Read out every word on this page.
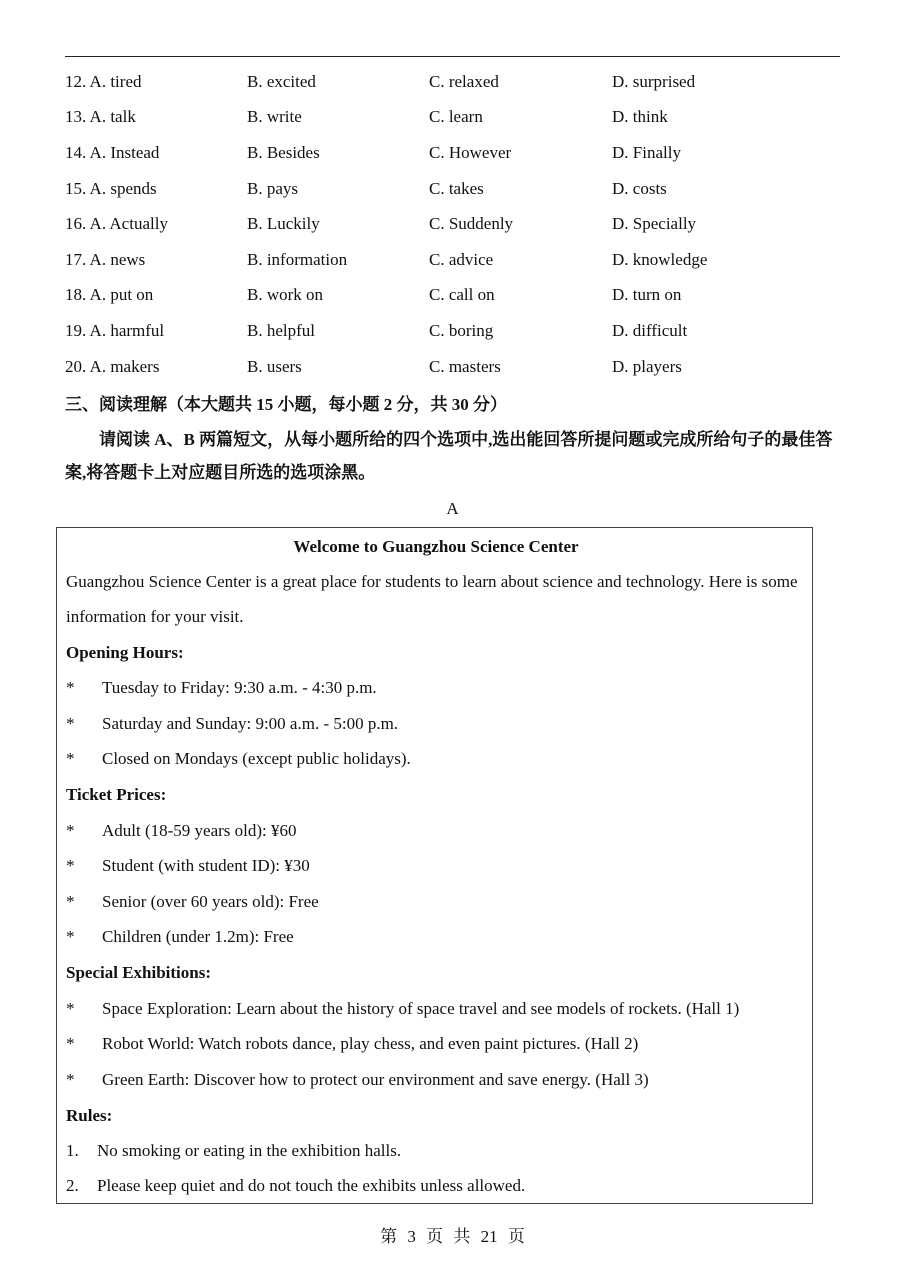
12. A. tired	B. excited	C. relaxed	D. surprised
13. A. talk	B. write	C. learn	D. think
14. A. Instead	B. Besides	C. However	D. Finally
15. A. spends	B. pays	C. takes	D. costs
16. A. Actually	B. Luckily	C. Suddenly	D. Specially
17. A. news	B. information	C. advice	D. knowledge
18. A. put on	B. work on	C. call on	D. turn on
19. A. harmful	B. helpful	C. boring	D. difficult
20. A. makers	B. users	C. masters	D. players
三、阅读理解（本大题共 15 小题，每小题 2 分，共 30 分）
请阅读 A、B 两篇短文，从每小题所给的四个选项中,选出能回答所提问题或完成所给句子的最佳答案,将答题卡上对应题目所选的选项涂黑。
A
Welcome to Guangzhou Science Center
Guangzhou Science Center is a great place for students to learn about science and technology. Here is some information for your visit.
Opening Hours:
*	Tuesday to Friday: 9:30 a.m. - 4:30 p.m.
*	Saturday and Sunday: 9:00 a.m. - 5:00 p.m.
*	Closed on Mondays (except public holidays).
Ticket Prices:
*	Adult (18-59 years old): ¥60
*	Student (with student ID): ¥30
*	Senior (over 60 years old): Free
*	Children (under 1.2m): Free
Special Exhibitions:
*	Space Exploration: Learn about the history of space travel and see models of rockets. (Hall 1)
*	Robot World: Watch robots dance, play chess, and even paint pictures. (Hall 2)
*	Green Earth: Discover how to protect our environment and save energy. (Hall 3)
Rules:
1.	No smoking or eating in the exhibition halls.
2.	Please keep quiet and do not touch the exhibits unless allowed.
第 3 页 共 21 页
